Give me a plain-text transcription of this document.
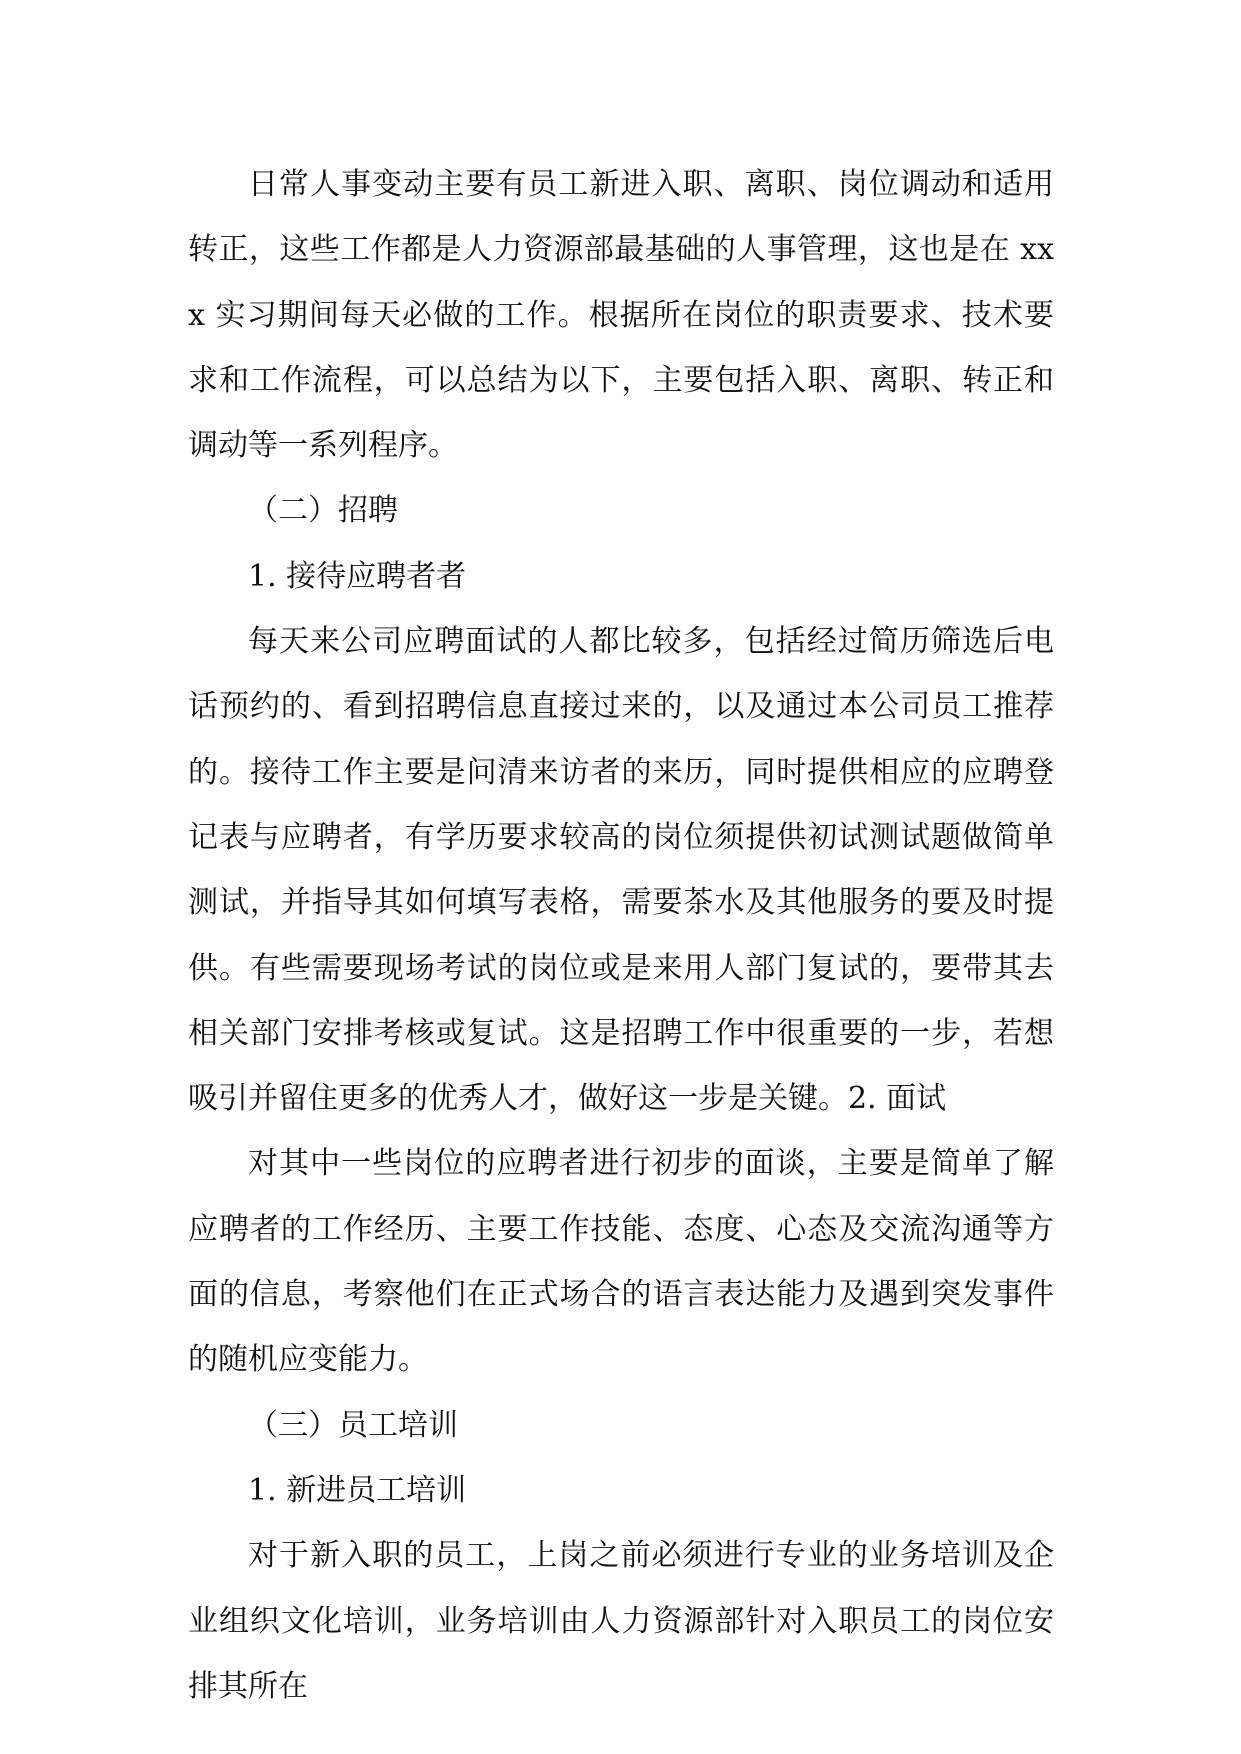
日常人事变动主要有员工新进入职、离职、岗位调动和适用转正，这些工作都是人力资源部最基础的人事管理，这也是在 xxx 实习期间每天必做的工作。根据所在岗位的职责要求、技术要求和工作流程，可以总结为以下，主要包括入职、离职、转正和调动等一系列程序。

（二）招聘

1. 接待应聘者者

每天来公司应聘面试的人都比较多，包括经过简历筛选后电话预约的、看到招聘信息直接过来的，以及通过本公司员工推荐的。接待工作主要是问清来访者的来历，同时提供相应的应聘登记表与应聘者，有学历要求较高的岗位须提供初试测试题做简单测试，并指导其如何填写表格，需要茶水及其他服务的要及时提供。有些需要现场考试的岗位或是来用人部门复试的，要带其去相关部门安排考核或复试。这是招聘工作中很重要的一步，若想吸引并留住更多的优秀人才，做好这一步是关键。2. 面试

对其中一些岗位的应聘者进行初步的面谈，主要是简单了解应聘者的工作经历、主要工作技能、态度、心态及交流沟通等方面的信息，考察他们在正式场合的语言表达能力及遇到突发事件的随机应变能力。

（三）员工培训

1. 新进员工培训

对于新入职的员工，上岗之前必须进行专业的业务培训及企业组织文化培训，业务培训由人力资源部针对入职员工的岗位安排其所在
